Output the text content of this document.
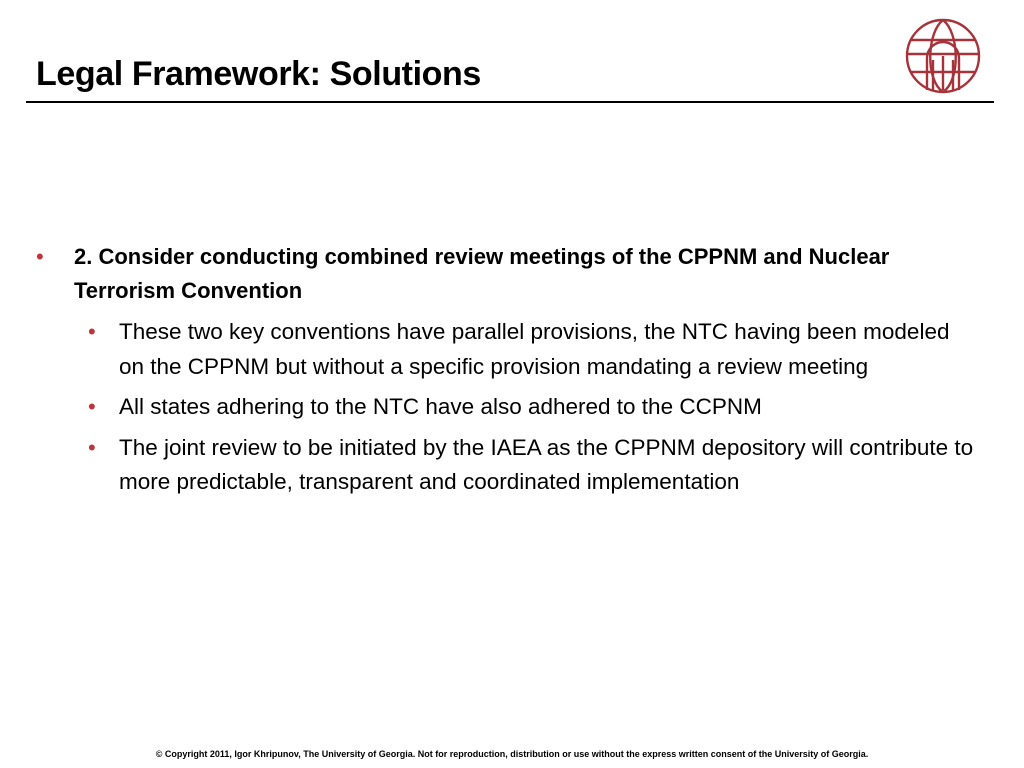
Legal Framework: Solutions
• 2. Consider conducting combined review meetings of the CPPNM and Nuclear Terrorism Convention
• These two key conventions have parallel provisions, the NTC having been modeled on the CPPNM but without a specific provision mandating a review meeting
• All states adhering to the NTC have also adhered to the CCPNM
• The joint review to be initiated by the IAEA as the CPPNM depository will contribute to more predictable, transparent and coordinated implementation
© Copyright 2011, Igor Khripunov, The University of Georgia. Not for reproduction, distribution or use without the express written consent of the University of Georgia.
